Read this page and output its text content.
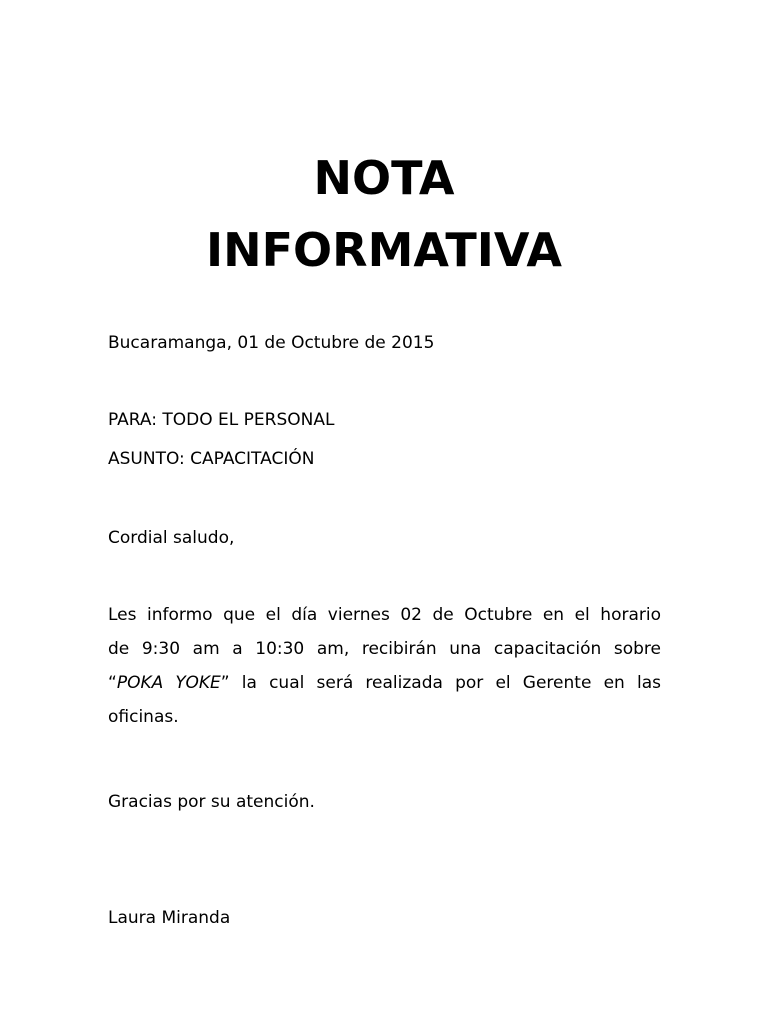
NOTA
INFORMATIVA
Bucaramanga, 01 de Octubre de 2015
PARA: TODO EL PERSONAL
ASUNTO: CAPACITACIÓN
Cordial saludo,
Les informo que el día viernes 02 de Octubre en el horario
de 9:30 am a 10:30 am, recibirán una capacitación sobre
“POKA YOKE” la cual será realizada por el Gerente en las
oficinas.
Gracias por su atención.
Laura Miranda
